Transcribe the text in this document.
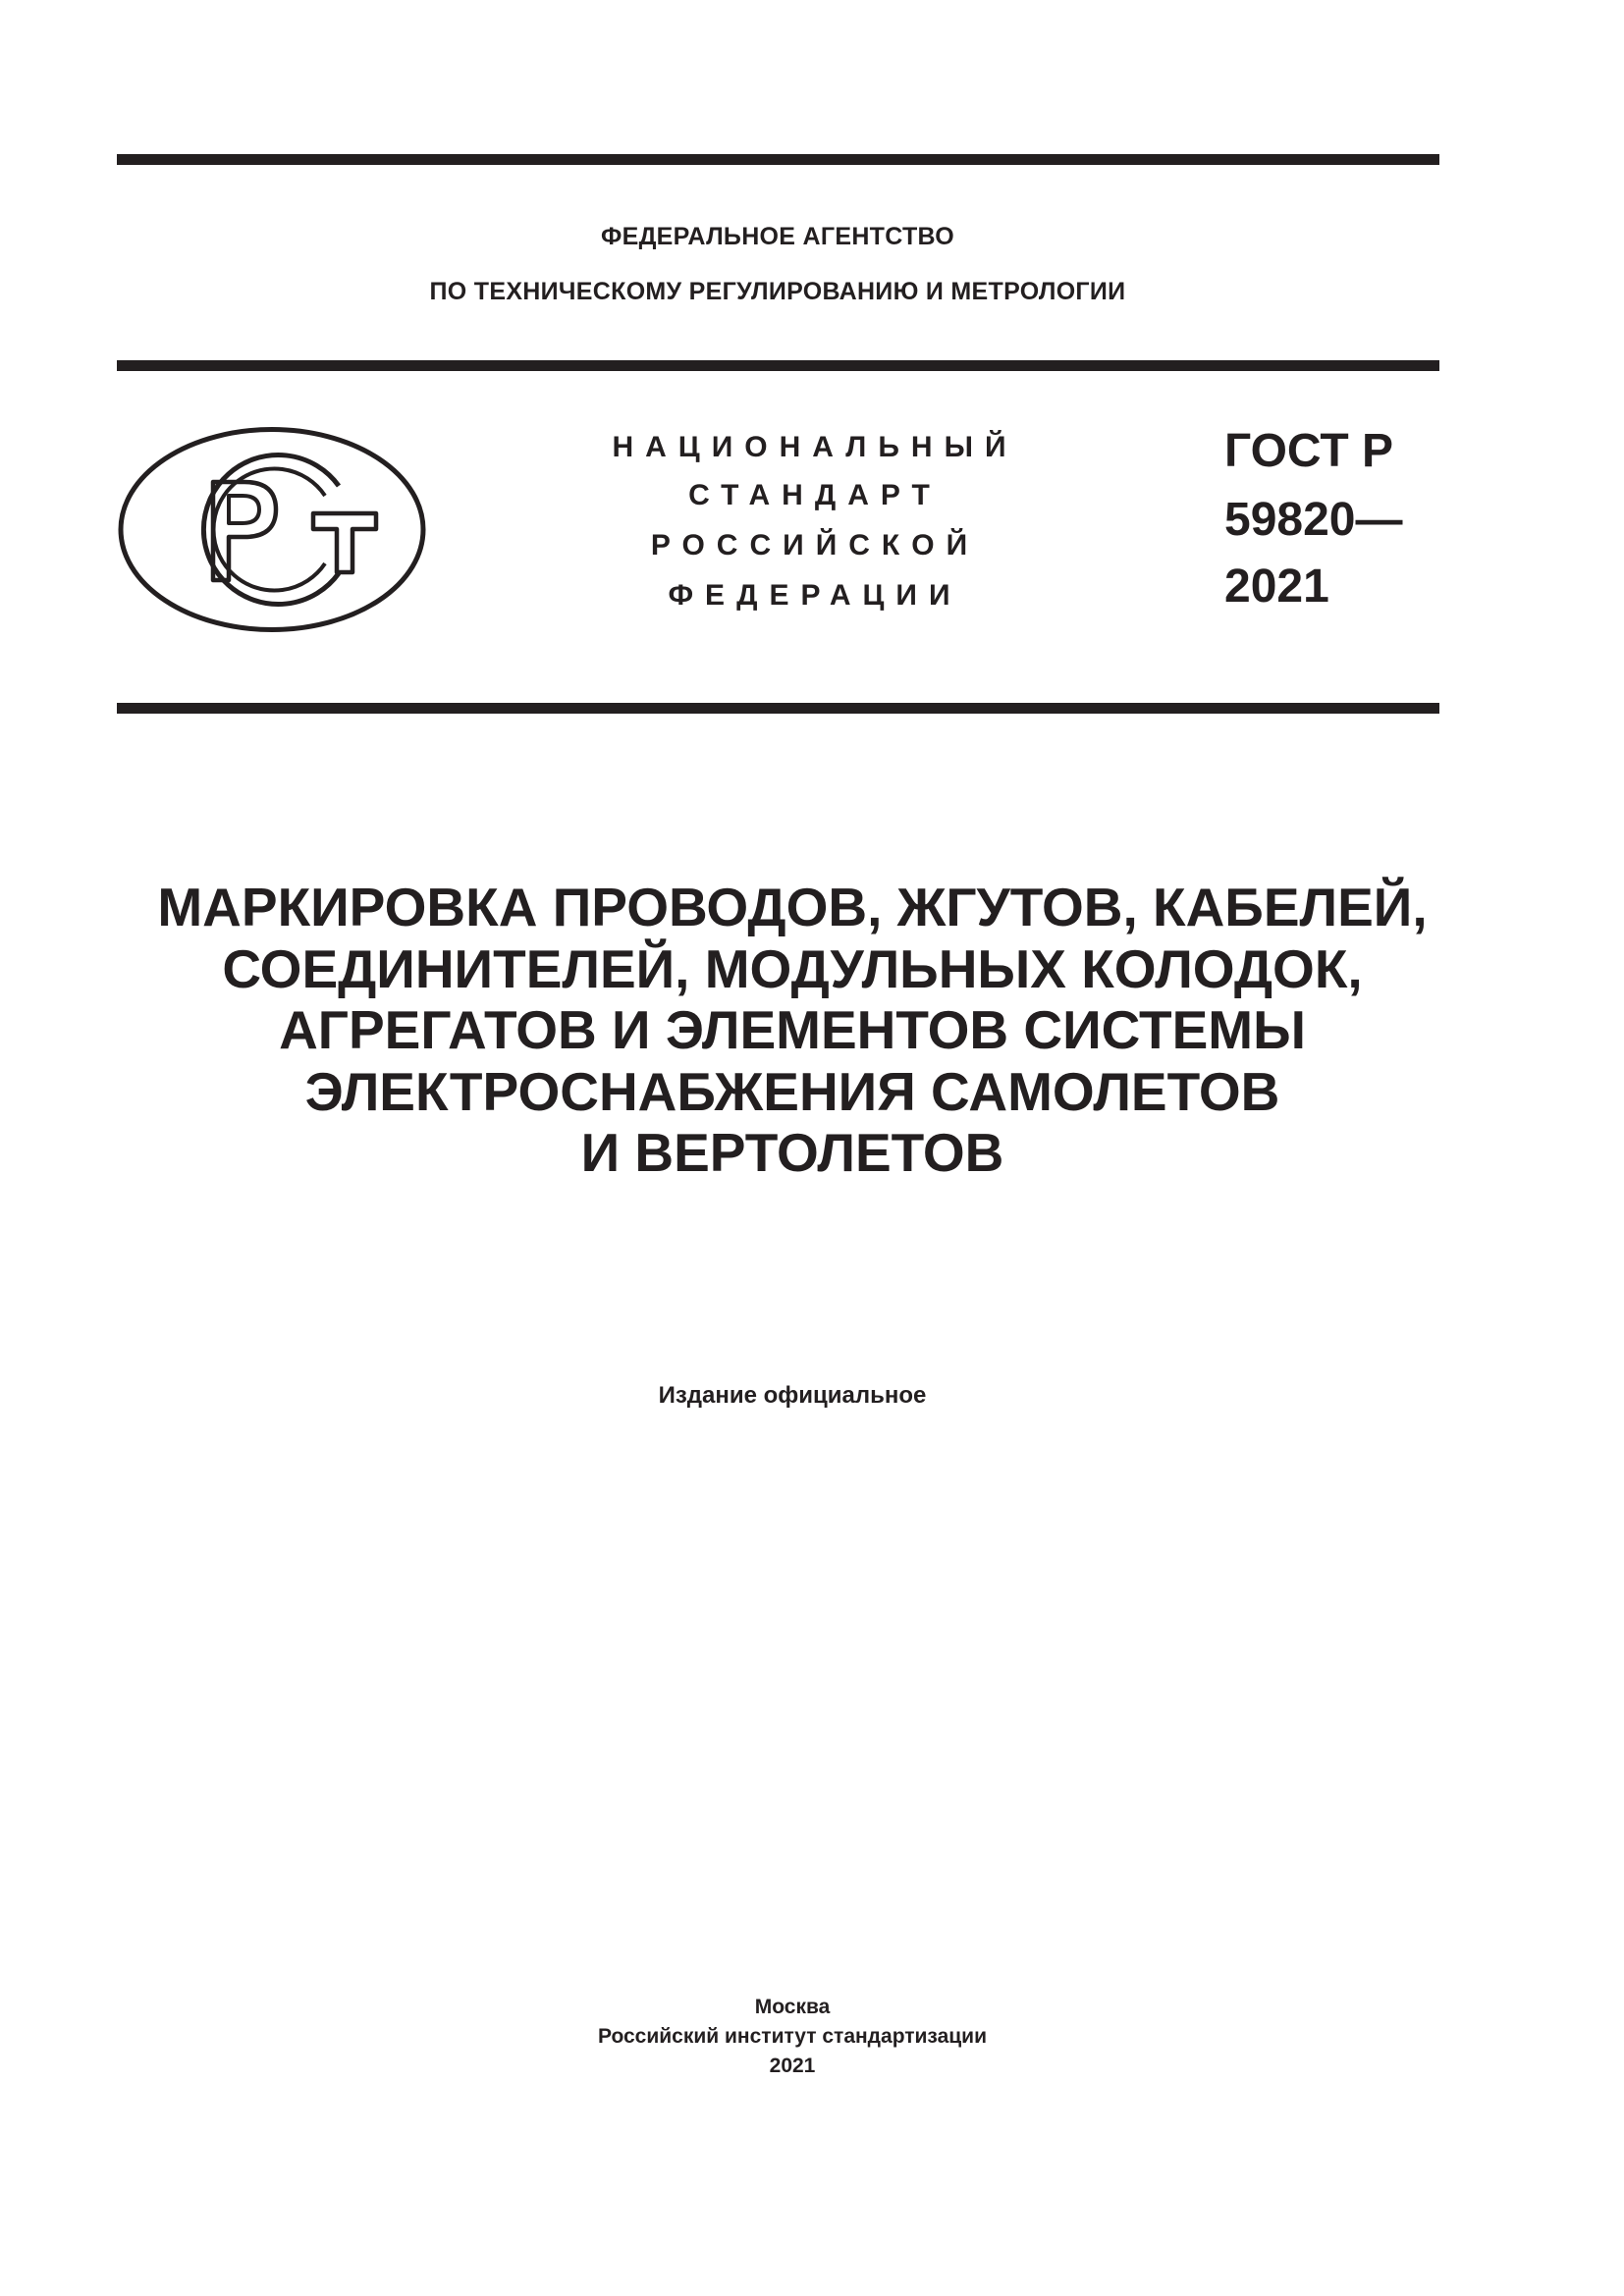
ФЕДЕРАЛЬНОЕ АГЕНТСТВО
ПО ТЕХНИЧЕСКОМУ РЕГУЛИРОВАНИЮ И МЕТРОЛОГИИ
НАЦИОНАЛЬНЫЙ
СТАНДАРТ
РОССИЙСКОЙ
ФЕДЕРАЦИИ
ГОСТ Р
59820—
2021
МАРКИРОВКА ПРОВОДОВ, ЖГУТОВ, КАБЕЛЕЙ,
СОЕДИНИТЕЛЕЙ, МОДУЛЬНЫХ КОЛОДОК,
АГРЕГАТОВ И ЭЛЕМЕНТОВ СИСТЕМЫ
ЭЛЕКТРОСНАБЖЕНИЯ САМОЛЕТОВ
И ВЕРТОЛЕТОВ
Издание официальное
Москва
Российский институт стандартизации
2021
